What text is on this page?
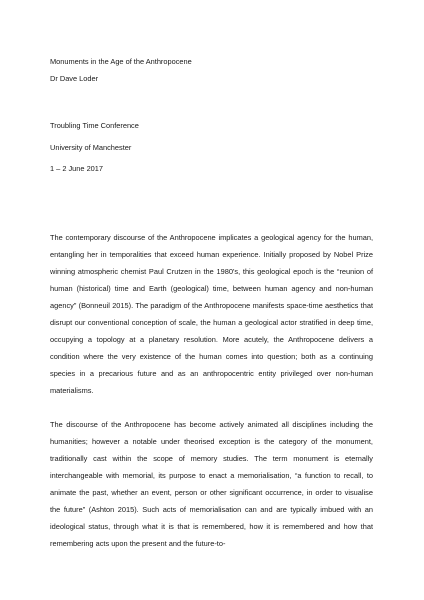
Monuments in the Age of the Anthropocene
Dr Dave Loder
Troubling Time Conference
University of Manchester
1 – 2 June 2017

The contemporary discourse of the Anthropocene implicates a geological agency for the human, entangling her in temporalities that exceed human experience. Initially proposed by Nobel Prize winning atmospheric chemist Paul Crutzen in the 1980’s, this geological epoch is the “reunion of human (historical) time and Earth (geological) time, between human agency and non-human agency” (Bonneuil 2015). The paradigm of the Anthropocene manifests space-time aesthetics that disrupt our conventional conception of scale, the human a geological actor stratified in deep time, occupying a topology at a planetary resolution. More acutely, the Anthropocene delivers a condition where the very existence of the human comes into question; both as a continuing species in a precarious future and as an anthropocentric entity privileged over non-human materialisms.

The discourse of the Anthropocene has become actively animated all disciplines including the humanities; however a notable under theorised exception is the category of the monument, traditionally cast within the scope of memory studies. The term monument is eternally interchangeable with memorial, its purpose to enact a memorialisation, “a function to recall, to animate the past, whether an event, person or other significant occurrence, in order to visualise the future” (Ashton 2015). Such acts of memorialisation can and are typically imbued with an ideological status, through what it is that is remembered, how it is remembered and how that remembering acts upon the present and the future-to-
